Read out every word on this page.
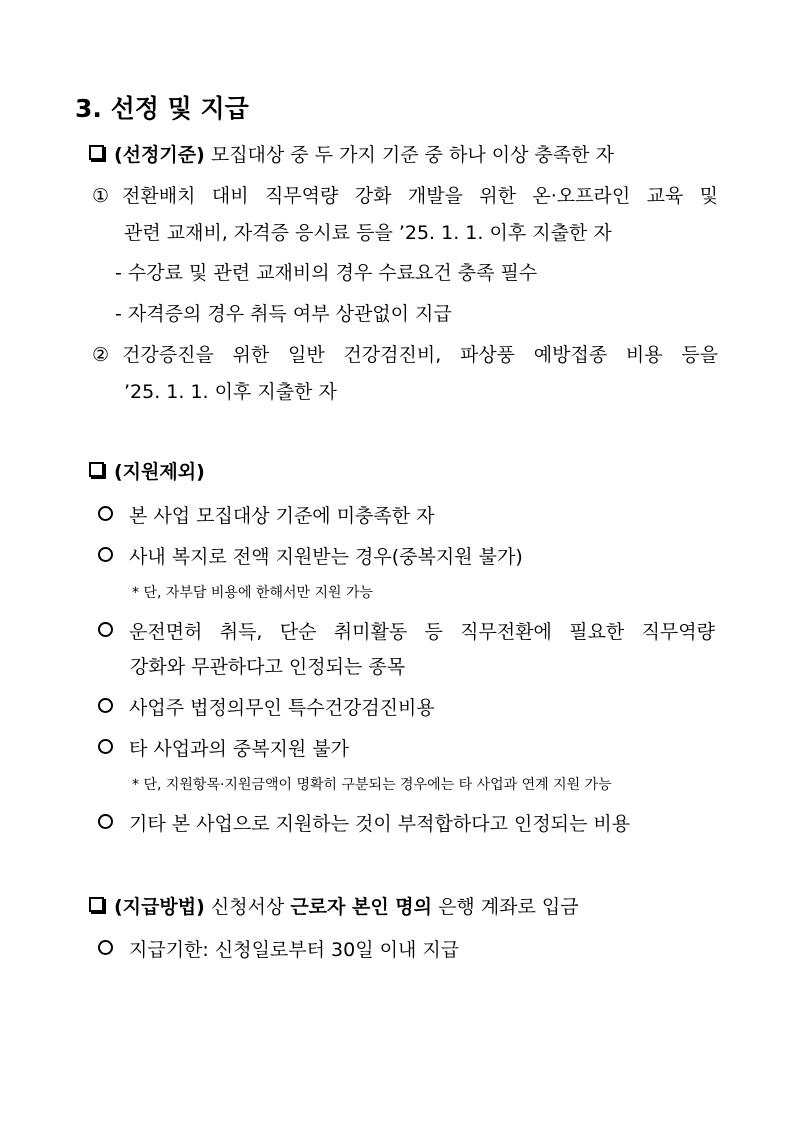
3. 선정 및 지급
(선정기준) 모집대상 중 두 가지 기준 중 하나 이상 충족한 자
① 전환배치 대비 직무역량 강화 개발을 위한 온·오프라인 교육 및
관련 교재비, 자격증 응시료 등을 ’25. 1. 1. 이후 지출한 자
- 수강료 및 관련 교재비의 경우 수료요건 충족 필수
- 자격증의 경우 취득 여부 상관없이 지급
② 건강증진을 위한 일반 건강검진비, 파상풍 예방접종 비용 등을
’25. 1. 1. 이후 지출한 자
(지원제외)
본 사업 모집대상 기준에 미충족한 자
사내 복지로 전액 지원받는 경우(중복지원 불가)
* 단, 자부담 비용에 한해서만 지원 가능
운전면허 취득, 단순 취미활동 등 직무전환에 필요한 직무역량
강화와 무관하다고 인정되는 종목
사업주 법정의무인 특수건강검진비용
타 사업과의 중복지원 불가
* 단, 지원항목·지원금액이 명확히 구분되는 경우에는 타 사업과 연계 지원 가능
기타 본 사업으로 지원하는 것이 부적합하다고 인정되는 비용
(지급방법) 신청서상 근로자 본인 명의 은행 계좌로 입금
지급기한: 신청일로부터 30일 이내 지급
